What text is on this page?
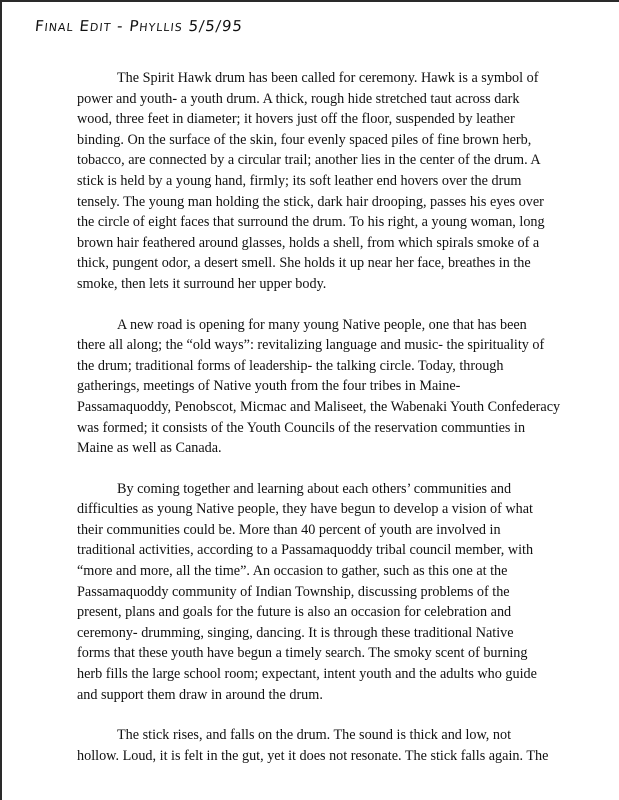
Final Edit - Phyllis 5/5/95
The Spirit Hawk drum has been called for ceremony. Hawk is a symbol of
power and youth- a youth drum. A thick, rough hide stretched taut across dark
wood, three feet in diameter; it hovers just off the floor, suspended by leather
binding. On the surface of the skin, four evenly spaced piles of fine brown herb,
tobacco, are connected by a circular trail; another lies in the center of the drum. A
stick is held by a young hand, firmly; its soft leather end hovers over the drum
tensely. The young man holding the stick, dark hair drooping, passes his eyes over
the circle of eight faces that surround the drum. To his right, a young woman, long
brown hair feathered around glasses, holds a shell, from which spirals smoke of a
thick, pungent odor, a desert smell. She holds it up near her face, breathes in the
smoke, then lets it surround her upper body.
A new road is opening for many young Native people, one that has been
there all along; the “old ways”: revitalizing language and music- the spirituality of
the drum; traditional forms of leadership- the talking circle. Today, through
gatherings, meetings of Native youth from the four tribes in Maine-
Passamaquoddy, Penobscot, Micmac and Maliseet, the Wabenaki Youth Confederacy
was formed; it consists of the Youth Councils of the reservation communties in
Maine as well as Canada.
By coming together and learning about each others’ communities and
difficulties as young Native people, they have begun to develop a vision of what
their communities could be. More than 40 percent of youth are involved in
traditional activities, according to a Passamaquoddy tribal council member, with
“more and more, all the time”. An occasion to gather, such as this one at the
Passamaquoddy community of Indian Township, discussing problems of the
present, plans and goals for the future is also an occasion for celebration and
ceremony- drumming, singing, dancing. It is through these traditional Native
forms that these youth have begun a timely search. The smoky scent of burning
herb fills the large school room; expectant, intent youth and the adults who guide
and support them draw in around the drum.
The stick rises, and falls on the drum. The sound is thick and low, not
hollow. Loud, it is felt in the gut, yet it does not resonate. The stick falls again. The
